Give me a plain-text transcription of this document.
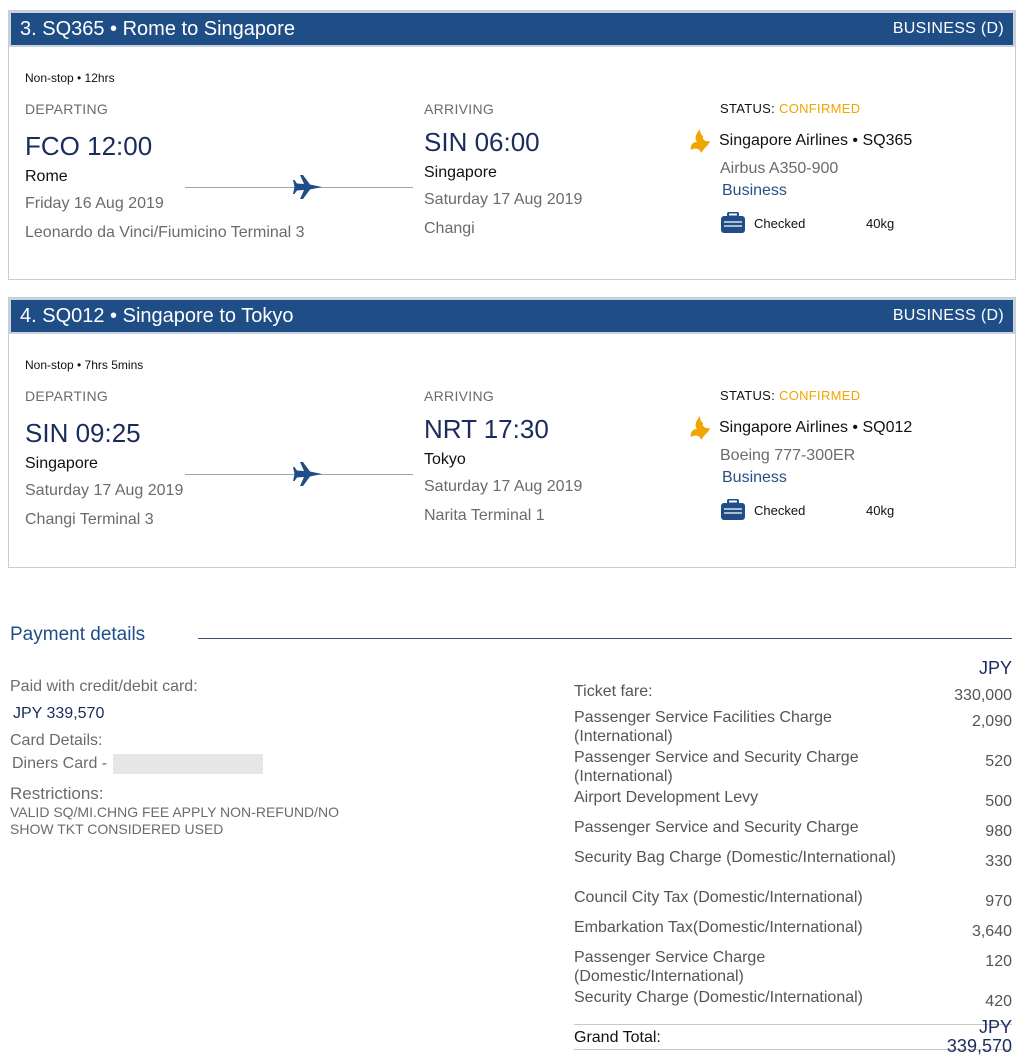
3. SQ365 • Rome to Singapore	BUSINESS (D)
Non-stop • 12hrs
DEPARTING
FCO 12:00
Rome
Friday 16 Aug 2019
Leonardo da Vinci/Fiumicino Terminal 3
ARRIVING
SIN 06:00
Singapore
Saturday 17 Aug 2019
Changi
STATUS: CONFIRMED
Singapore Airlines • SQ365
Airbus A350-900
Business
Checked	40kg
4. SQ012 • Singapore to Tokyo	BUSINESS (D)
Non-stop • 7hrs 5mins
DEPARTING
SIN 09:25
Singapore
Saturday 17 Aug 2019
Changi Terminal 3
ARRIVING
NRT 17:30
Tokyo
Saturday 17 Aug 2019
Narita Terminal 1
STATUS: CONFIRMED
Singapore Airlines • SQ012
Boeing 777-300ER
Business
Checked	40kg
Payment details
Paid with credit/debit card:
JPY 339,570
Card Details:
Diners Card -
Restrictions:
VALID SQ/MI.CHNG FEE APPLY NON-REFUND/NO SHOW TKT CONSIDERED USED
JPY
Ticket fare:	330,000
Passenger Service Facilities Charge (International)
2,090
Passenger Service and Security Charge (International)
520
Airport Development Levy	500
Passenger Service and Security Charge	980
Security Bag Charge (Domestic/International)	330
Council City Tax (Domestic/International)	970
Embarkation Tax(Domestic/International)	3,640
Passenger Service Charge (Domestic/International)
120
Security Charge (Domestic/International)	420
Grand Total:	JPY 339,570
